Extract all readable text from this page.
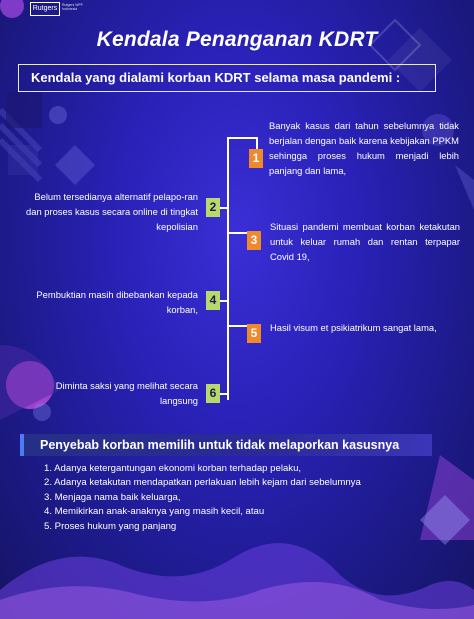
Rutgers	Rutgers WPF Indonesia
Kendala Penanganan KDRT
Kendala yang dialami korban KDRT selama masa pandemi :
1
Banyak kasus dari tahun sebelumnya tidak berjalan dengan baik karena kebijakan PPKM sehingga proses hukum menjadi lebih panjang dan lama,
3
Situasi pandemi membuat korban ketakutan untuk keluar rumah dan rentan terpapar Covid 19,
5	Hasil visum et psikiatrikum sangat lama,
2
Belum tersedianya alternatif pelapo-ran dan proses kasus secara online di tingkat kepolisian
4
Pembuktian masih dibebankan kepada korban,
6
Diminta saksi yang melihat secara langsung
Penyebab korban memilih untuk tidak melaporkan kasusnya
1. Adanya ketergantungan ekonomi korban terhadap pelaku,
2. Adanya ketakutan mendapatkan perlakuan lebih kejam dari sebelumnya
3. Menjaga nama baik keluarga,
4. Memikirkan anak-anaknya yang masih kecil, atau
5. Proses hukum yang panjang
